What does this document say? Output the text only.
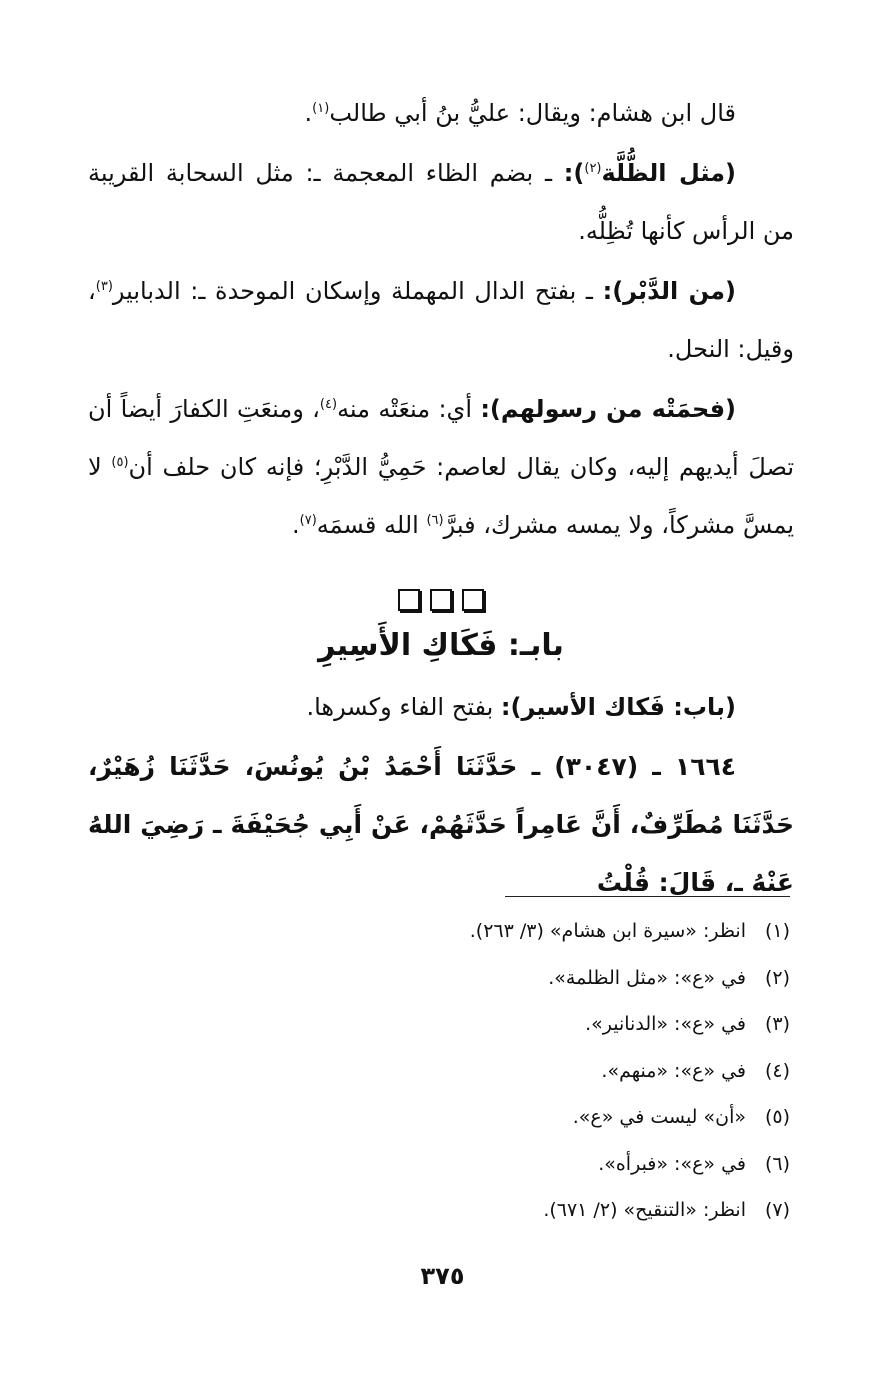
قال ابن هشام: ويقال: عليُّ بنُ أبي طالب$^{(١)}$.

(مثل الظُّلَّة$^{(٢)}$): ـ بضم الظاء المعجمة ـ: مثل السحابة القريبة من الرأس كأنها تُظِلُّه.

(من الدَّبْر): ـ بفتح الدال المهملة وإسكان الموحدة ـ: الدبابير$^{(٣)}$، وقيل: النحل.

(فحمَتْه من رسولهم): أي: منعَتْه منه$^{(٤)}$، ومنعَتِ الكفارَ أيضاً أن تصلَ أيديهم إليه، وكان يقال لعاصم: حَمِيُّ الدَّبْرِ؛ فإنه كان حلف أن$^{(٥)}$ لا يمسَّ مشركاً، ولا يمسه مشرك، فبرَّ$^{(٦)}$ الله قسمَه$^{(٧)}$.

بابـ: فَكَاكِ الأَسِيرِ

(باب: فَكاك الأسير): بفتح الفاء وكسرها.

١٦٦٤ ـ (٣٠٤٧) ـ حَدَّثَنَا أَحْمَدُ بْنُ يُونُسَ، حَدَّثَنَا زُهَيْرٌ، حَدَّثَنَا مُطَرِّفٌ، أَنَّ عَامِراً حَدَّثَهُمْ، عَنْ أَبِي جُحَيْفَةَ ـ رَضِيَ اللهُ عَنْهُ ـ، قَالَ: قُلْتُ

(١)انظر: «سيرة ابن هشام» (٣/ ٢٦٣).
(٢)في «ع»: «مثل الظلمة».
(٣)في «ع»: «الدنانير».
(٤)في «ع»: «منهم».
(٥)«أن» ليست في «ع».
(٦)في «ع»: «فبرأه».
(٧)انظر: «التنقيح» (٢/ ٦٧١).
٣٧٥
